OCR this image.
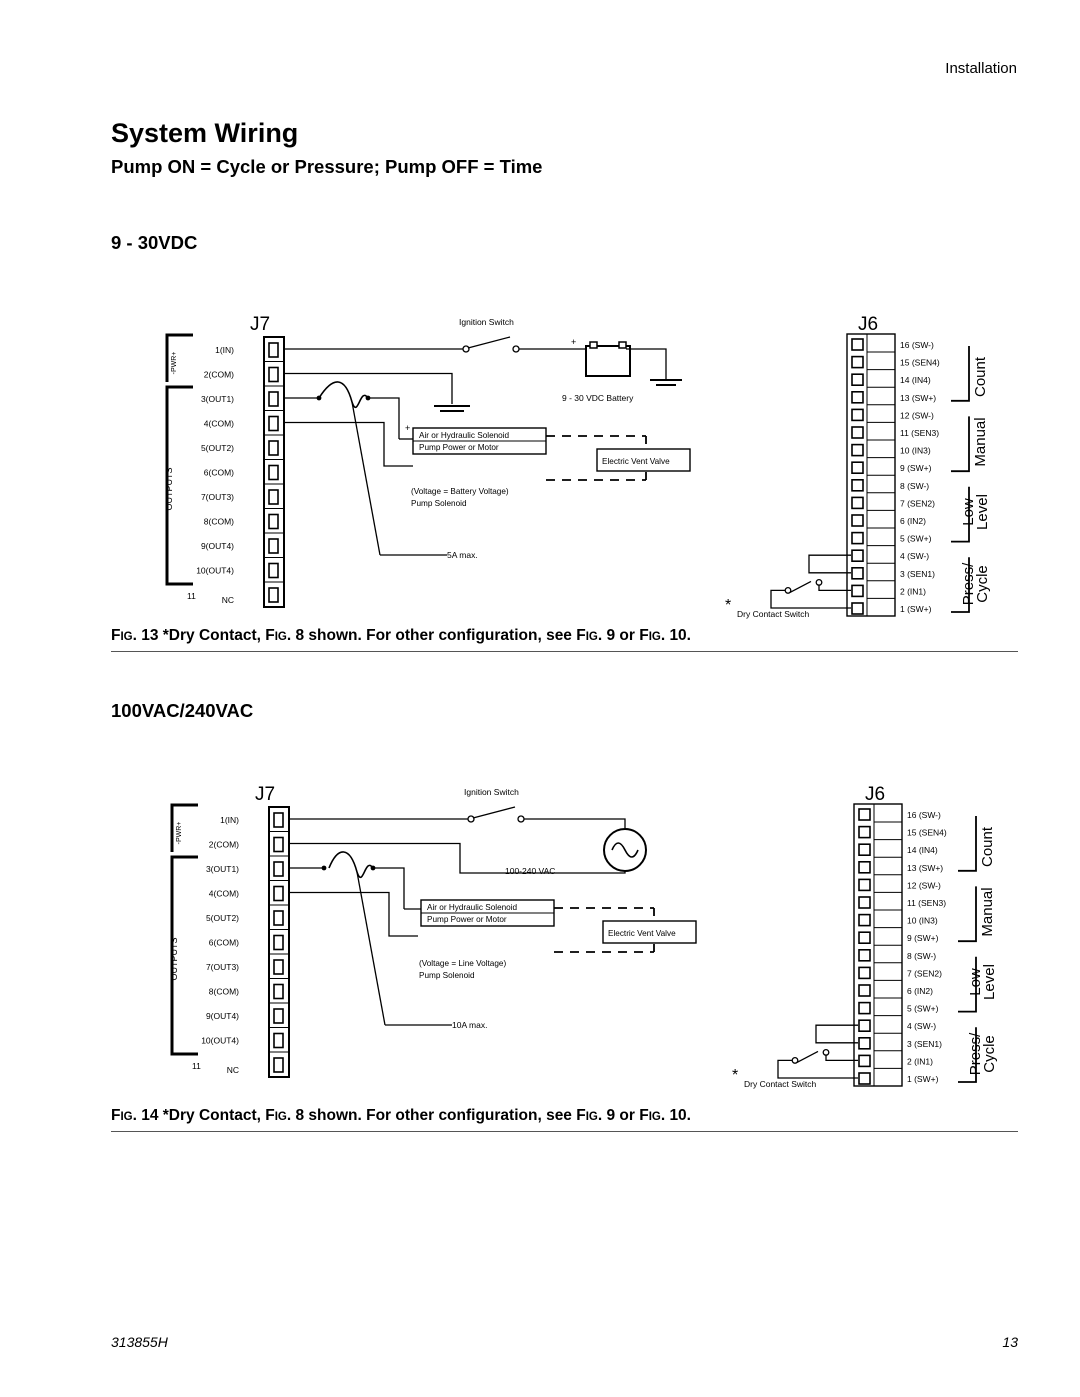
Installation
System Wiring
Pump ON = Cycle or Pressure; Pump OFF = Time
9 - 30VDC
J7	J6
1(IN)
2(COM)
3(OUT1)
4(COM)
5(OUT2)
6(COM)
7(OUT3)
8(COM)
9(OUT4)
10(OUT4)
11	NC
-PWR+
OUTPUTS
Ignition Switch
+
9 - 30 VDC Battery
5A max.
+
Air or Hydraulic Solenoid
Pump Power or Motor
Electric Vent Valve
(Voltage = Battery Voltage)
Pump Solenoid
16 (SW-)
15 (SEN4)
14 (IN4)
13 (SW+)
12 (SW-)
11 (SEN3)
10 (IN3)
9 (SW+)
8 (SW-)
7 (SEN2)
6 (IN2)
5 (SW+)
4 (SW-)
3 (SEN1)
2 (IN1)
1 (SW+)
Count
Manual
Low
Level
Press/
Cycle
* Dry Contact Switch
FIG. 13 *Dry Contact, FIG. 8 shown. For other configuration, see FIG. 9 or FIG. 10.
100VAC/240VAC
J7	J6
1(IN)
2(COM)
3(OUT1)
4(COM)
5(OUT2)
6(COM)
7(OUT3)
8(COM)
9(OUT4)
10(OUT4)
11	NC
-PWR+
OUTPUTS
Ignition Switch
100-240 VAC
10A max.
Air or Hydraulic Solenoid
Pump Power or Motor
Electric Vent Valve
(Voltage = Line Voltage)
Pump Solenoid
16 (SW-)
15 (SEN4)
14 (IN4)
13 (SW+)
12 (SW-)
11 (SEN3)
10 (IN3)
9 (SW+)
8 (SW-)
7 (SEN2)
6 (IN2)
5 (SW+)
4 (SW-)
3 (SEN1)
2 (IN1)
1 (SW+)
Count
Manual
Low
Level
Press/
Cycle
* Dry Contact Switch
FIG. 14 *Dry Contact, FIG. 8 shown. For other configuration, see FIG. 9 or FIG. 10.
313855H	13
